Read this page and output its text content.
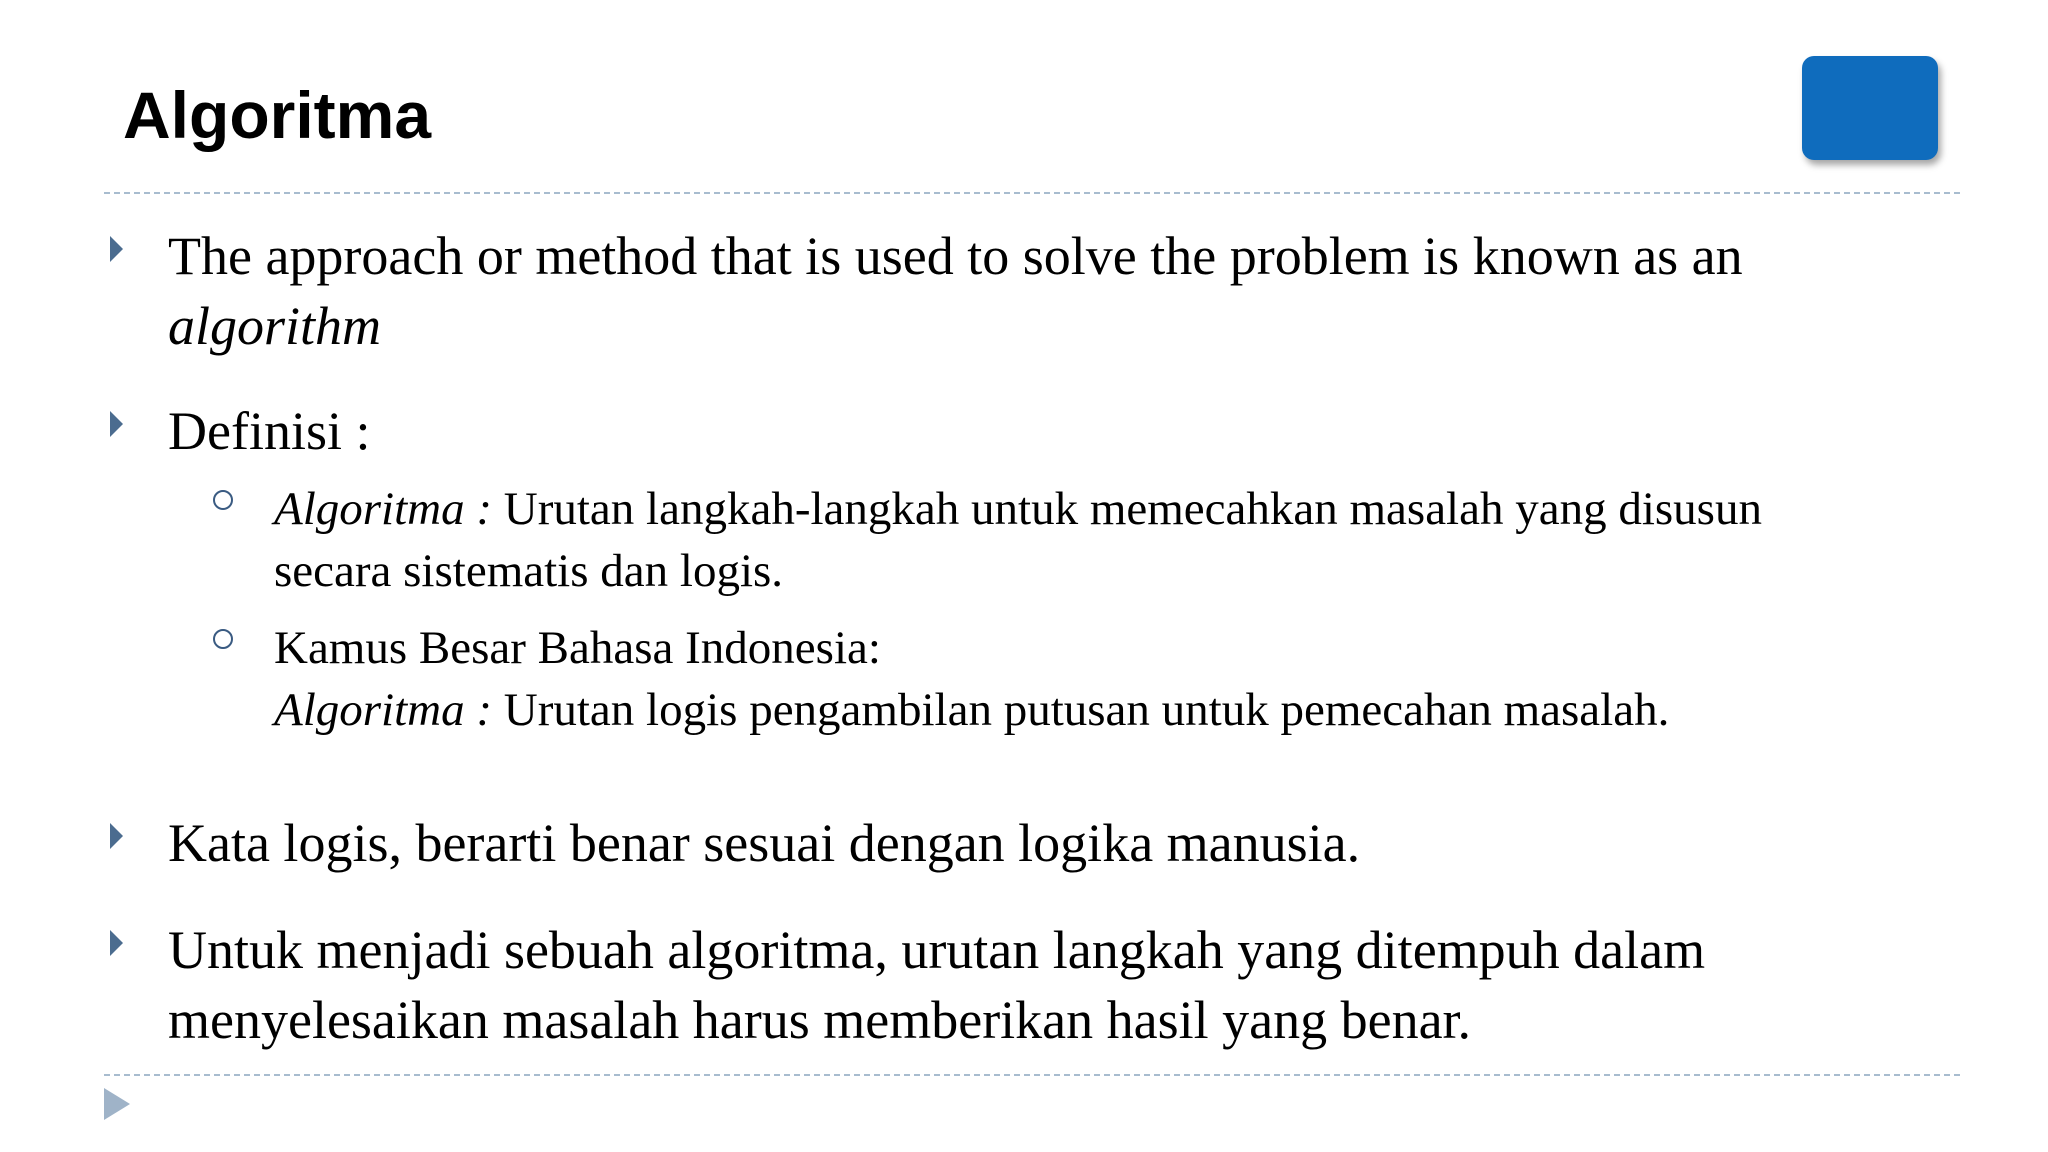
Algoritma

The approach or method that is used to solve the problem is known as an

algorithm

Definisi :

Algoritma : Urutan langkah-langkah untuk memecahkan masalah yang disusun

secara sistematis dan logis.

Kamus Besar Bahasa Indonesia:

Algoritma : Urutan logis pengambilan putusan untuk pemecahan masalah.

Kata logis, berarti benar sesuai dengan logika manusia.

Untuk menjadi sebuah algoritma, urutan langkah yang ditempuh dalam

menyelesaikan masalah harus memberikan hasil yang benar.
